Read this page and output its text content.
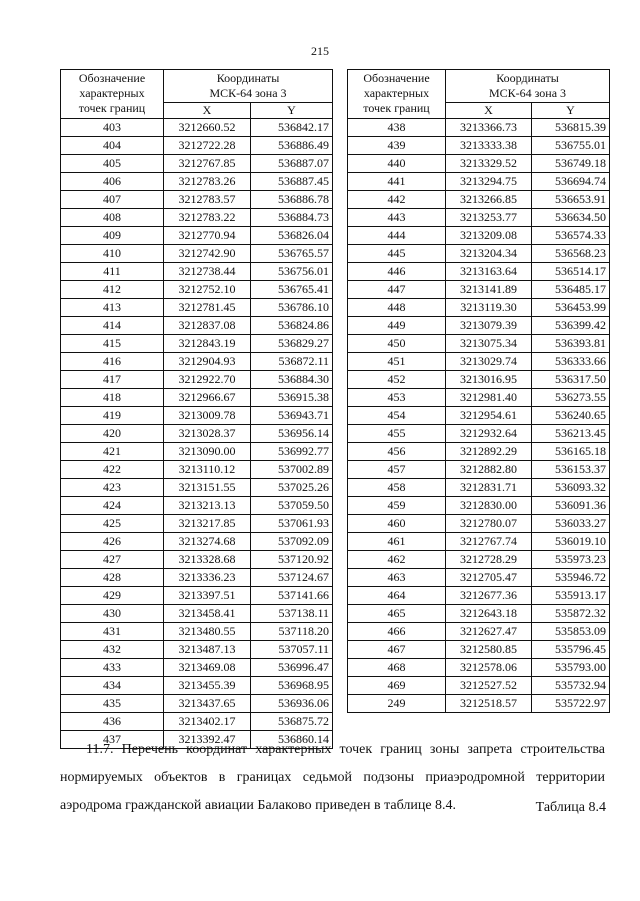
215
Обозначение
характерных
точек границ	Координаты
МСК-64 зона 3	
	X	Y
403	3212660.52	536842.17
404	3212722.28	536886.49
405	3212767.85	536887.07
406	3212783.26	536887.45
407	3212783.57	536886.78
408	3212783.22	536884.73
409	3212770.94	536826.04
410	3212742.90	536765.57
411	3212738.44	536756.01
412	3212752.10	536765.41
413	3212781.45	536786.10
414	3212837.08	536824.86
415	3212843.19	536829.27
416	3212904.93	536872.11
417	3212922.70	536884.30
418	3212966.67	536915.38
419	3213009.78	536943.71
420	3213028.37	536956.14
421	3213090.00	536992.77
422	3213110.12	537002.89
423	3213151.55	537025.26
424	3213213.13	537059.50
425	3213217.85	537061.93
426	3213274.68	537092.09
427	3213328.68	537120.92
428	3213336.23	537124.67
429	3213397.51	537141.66
430	3213458.41	537138.11
431	3213480.55	537118.20
432	3213487.13	537057.11
433	3213469.08	536996.47
434	3213455.39	536968.95
435	3213437.65	536936.06
436	3213402.17	536875.72
437	3213392.47	536860.14
Обозначение
характерных
точек границ	Координаты
МСК-64 зона 3	
	X	Y
438	3213366.73	536815.39
439	3213333.38	536755.01
440	3213329.52	536749.18
441	3213294.75	536694.74
442	3213266.85	536653.91
443	3213253.77	536634.50
444	3213209.08	536574.33
445	3213204.34	536568.23
446	3213163.64	536514.17
447	3213141.89	536485.17
448	3213119.30	536453.99
449	3213079.39	536399.42
450	3213075.34	536393.81
451	3213029.74	536333.66
452	3213016.95	536317.50
453	3212981.40	536273.55
454	3212954.61	536240.65
455	3212932.64	536213.45
456	3212892.29	536165.18
457	3212882.80	536153.37
458	3212831.71	536093.32
459	3212830.00	536091.36
460	3212780.07	536033.27
461	3212767.74	536019.10
462	3212728.29	535973.23
463	3212705.47	535946.72
464	3212677.36	535913.17
465	3212643.18	535872.32
466	3212627.47	535853.09
467	3212580.85	535796.45
468	3212578.06	535793.00
469	3212527.52	535732.94
249	3212518.57	535722.97

11.7. Перечень координат характерных точек границ зоны запрета строительства нормируемых объектов в границах седьмой подзоны приаэродромной территории аэродрома гражданской авиации Балаково приведен в таблице 8.4.	Таблица 8.4
